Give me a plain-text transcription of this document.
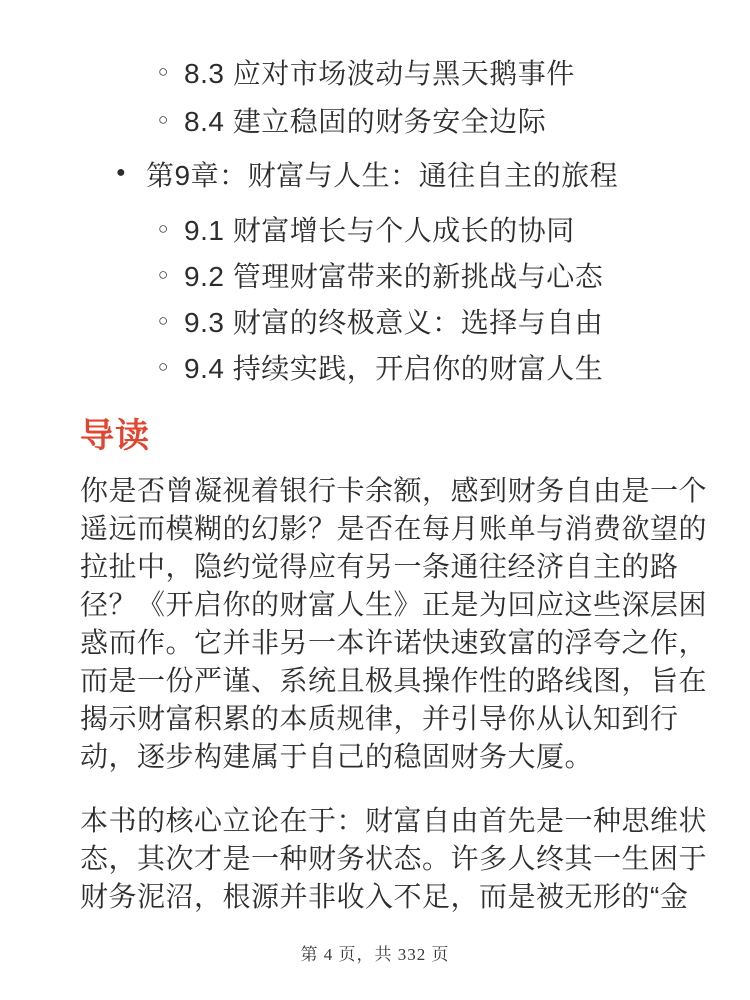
○ 8.3 应对市场波动与黑天鹅事件
○ 8.4 建立稳固的财务安全边际
● 第9章：财富与人生：通往自主的旅程
○ 9.1 财富增长与个人成长的协同
○ 9.2 管理财富带来的新挑战与心态
○ 9.3 财富的终极意义：选择与自由
○ 9.4 持续实践，开启你的财富人生
导读
你是否曾凝视着银行卡余额，感到财务自由是一个
遥远而模糊的幻影？是否在每月账单与消费欲望的
拉扯中，隐约觉得应有另一条通往经济自主的路
径？《开启你的财富人生》正是为回应这些深层困
惑而作。它并非另一本许诺快速致富的浮夸之作，
而是一份严谨、系统且极具操作性的路线图，旨在
揭示财富积累的本质规律，并引导你从认知到行
动，逐步构建属于自己的稳固财务大厦。
本书的核心立论在于：财富自由首先是一种思维状
态，其次才是一种财务状态。许多人终其一生困于
财务泥沼，根源并非收入不足，而是被无形的“金
第 4 页，共 332 页
